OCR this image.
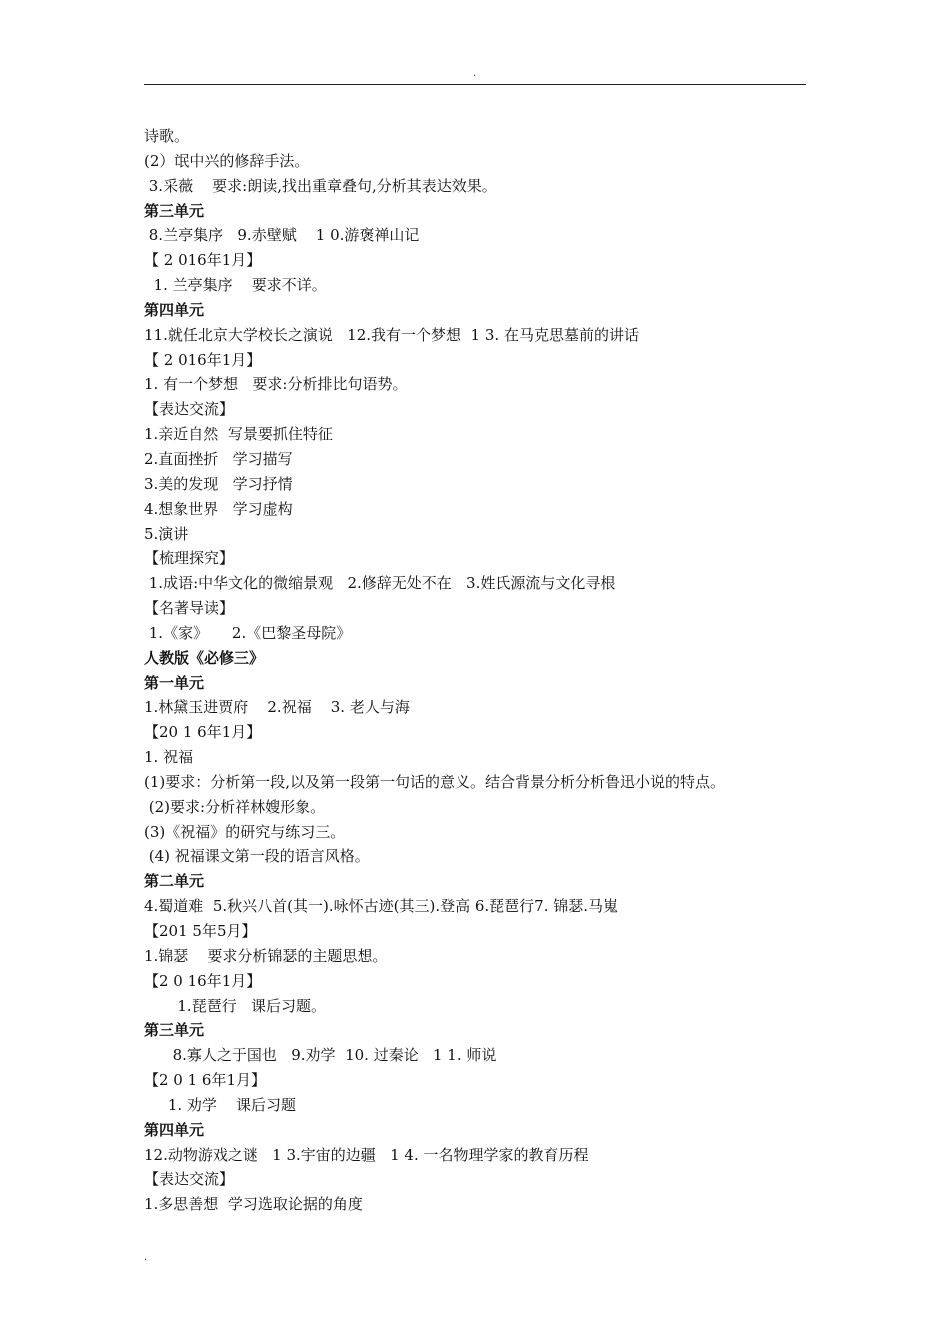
.
诗歌。
(2）氓中兴的修辞手法。
3.采薇    要求:朗读,找出重章叠句,分析其表达效果。
第三单元
8.兰亭集序   9.赤壁赋    1 0.游褒禅山记
【 2 016年1月】
1. 兰亭集序    要求不详。
第四单元
11.就任北京大学校长之演说   12.我有一个梦想  1 3. 在马克思墓前的讲话
【 2 016年1月】
1. 有一个梦想   要求:分析排比句语势。
【表达交流】
1.亲近自然  写景要抓住特征
2.直面挫折   学习描写
3.美的发现   学习抒情
4.想象世界   学习虚构
5.演讲
【梳理探究】
1.成语:中华文化的微缩景观   2.修辞无处不在   3.姓氏源流与文化寻根
【名著导读】
1.《家》     2.《巴黎圣母院》
人教版《必修三》
第一单元
1.林黛玉进贾府    2.祝福    3. 老人与海
【20 1 6年1月】
1. 祝福
(1)要求：分析第一段,以及第一段第一句话的意义。结合背景分析分析鲁迅小说的特点。
(2)要求:分析祥林嫂形象。
(3)《祝福》的研究与练习三。
(4) 祝福课文第一段的语言风格。
第二单元
4.蜀道难  5.秋兴八首(其一).咏怀古迹(其三).登高 6.琵琶行7. 锦瑟.马嵬
【201 5年5月】
1.锦瑟    要求分析锦瑟的主题思想。
【2 0 16年1月】
1.琵琶行   课后习题。
第三单元
8.寡人之于国也   9.劝学  10. 过秦论   1 1. 师说
【2 0 1 6年1月】
1. 劝学    课后习题
第四单元
12.动物游戏之谜   1 3.宇宙的边疆   1 4. 一名物理学家的教育历程
【表达交流】
1.多思善想  学习选取论据的角度
.
